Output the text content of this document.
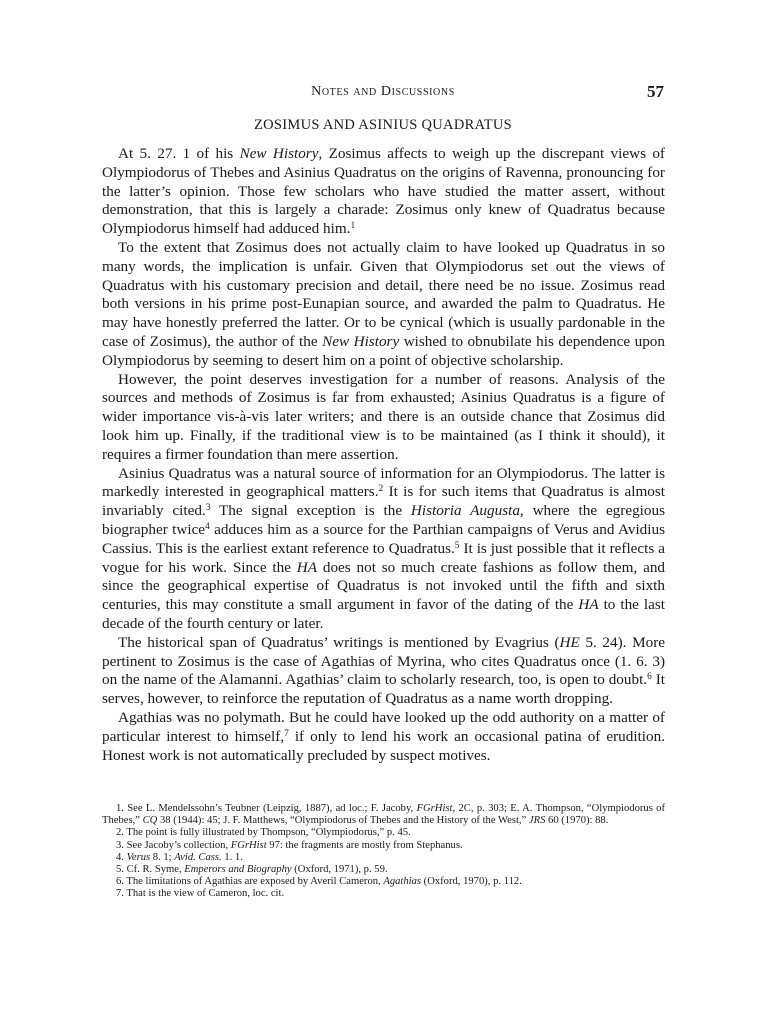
Notes and Discussions	57
ZOSIMUS AND ASINIUS QUADRATUS

At 5. 27. 1 of his New History, Zosimus affects to weigh up the discrepant views of Olympiodorus of Thebes and Asinius Quadratus on the origins of Ravenna, pronouncing for the latter’s opinion. Those few scholars who have studied the matter assert, without demonstration, that this is largely a charade: Zosimus only knew of Quadratus because Olympiodorus himself had adduced him.$^1$

To the extent that Zosimus does not actually claim to have looked up Quadratus in so many words, the implication is unfair. Given that Olympiodorus set out the views of Quadratus with his customary precision and detail, there need be no issue. Zosimus read both versions in his prime post-Eunapian source, and awarded the palm to Quadratus. He may have honestly preferred the latter. Or to be cynical (which is usually pardonable in the case of Zosimus), the author of the New History wished to obnubilate his dependence upon Olympiodorus by seeming to desert him on a point of objective scholarship.

However, the point deserves investigation for a number of reasons. Analysis of the sources and methods of Zosimus is far from exhausted; Asinius Quadratus is a figure of wider importance vis-à-vis later writers; and there is an outside chance that Zosimus did look him up. Finally, if the traditional view is to be maintained (as I think it should), it requires a firmer foundation than mere assertion.

Asinius Quadratus was a natural source of information for an Olympiodorus. The latter is markedly interested in geographical matters.$^2$ It is for such items that Quadratus is almost invariably cited.$^3$ The signal exception is the Historia Augusta, where the egregious biographer twice$^4$ adduces him as a source for the Parthian campaigns of Verus and Avidius Cassius. This is the earliest extant reference to Quadratus.$^5$ It is just possible that it reflects a vogue for his work. Since the HA does not so much create fashions as follow them, and since the geographical expertise of Quadratus is not invoked until the fifth and sixth centuries, this may constitute a small argument in favor of the dating of the HA to the last decade of the fourth century or later.

The historical span of Quadratus’ writings is mentioned by Evagrius (HE 5. 24). More pertinent to Zosimus is the case of Agathias of Myrina, who cites Quadratus once (1. 6. 3) on the name of the Alamanni. Agathias’ claim to scholarly research, too, is open to doubt.$^6$ It serves, however, to reinforce the reputation of Quadratus as a name worth dropping.

Agathias was no polymath. But he could have looked up the odd authority on a matter of particular interest to himself,$^7$ if only to lend his work an occasional patina of erudition. Honest work is not automatically precluded by suspect motives.

1. See L. Mendelssohn’s Teubner (Leipzig, 1887), ad loc.; F. Jacoby, FGrHist, 2C, p. 303; E. A. Thompson, “Olympiodorus of Thebes,” CQ 38 (1944): 45; J. F. Matthews, “Olympiodorus of Thebes and the History of the West,” JRS 60 (1970): 88.

2. The point is fully illustrated by Thompson, “Olympiodorus,” p. 45.

3. See Jacoby’s collection, FGrHist 97: the fragments are mostly from Stephanus.

4. Verus 8. 1; Avid. Cass. 1. 1.

5. Cf. R. Syme, Emperors and Biography (Oxford, 1971), p. 59.

6. The limitations of Agathias are exposed by Averil Cameron, Agathias (Oxford, 1970), p. 112.

7. That is the view of Cameron, loc. cit.
